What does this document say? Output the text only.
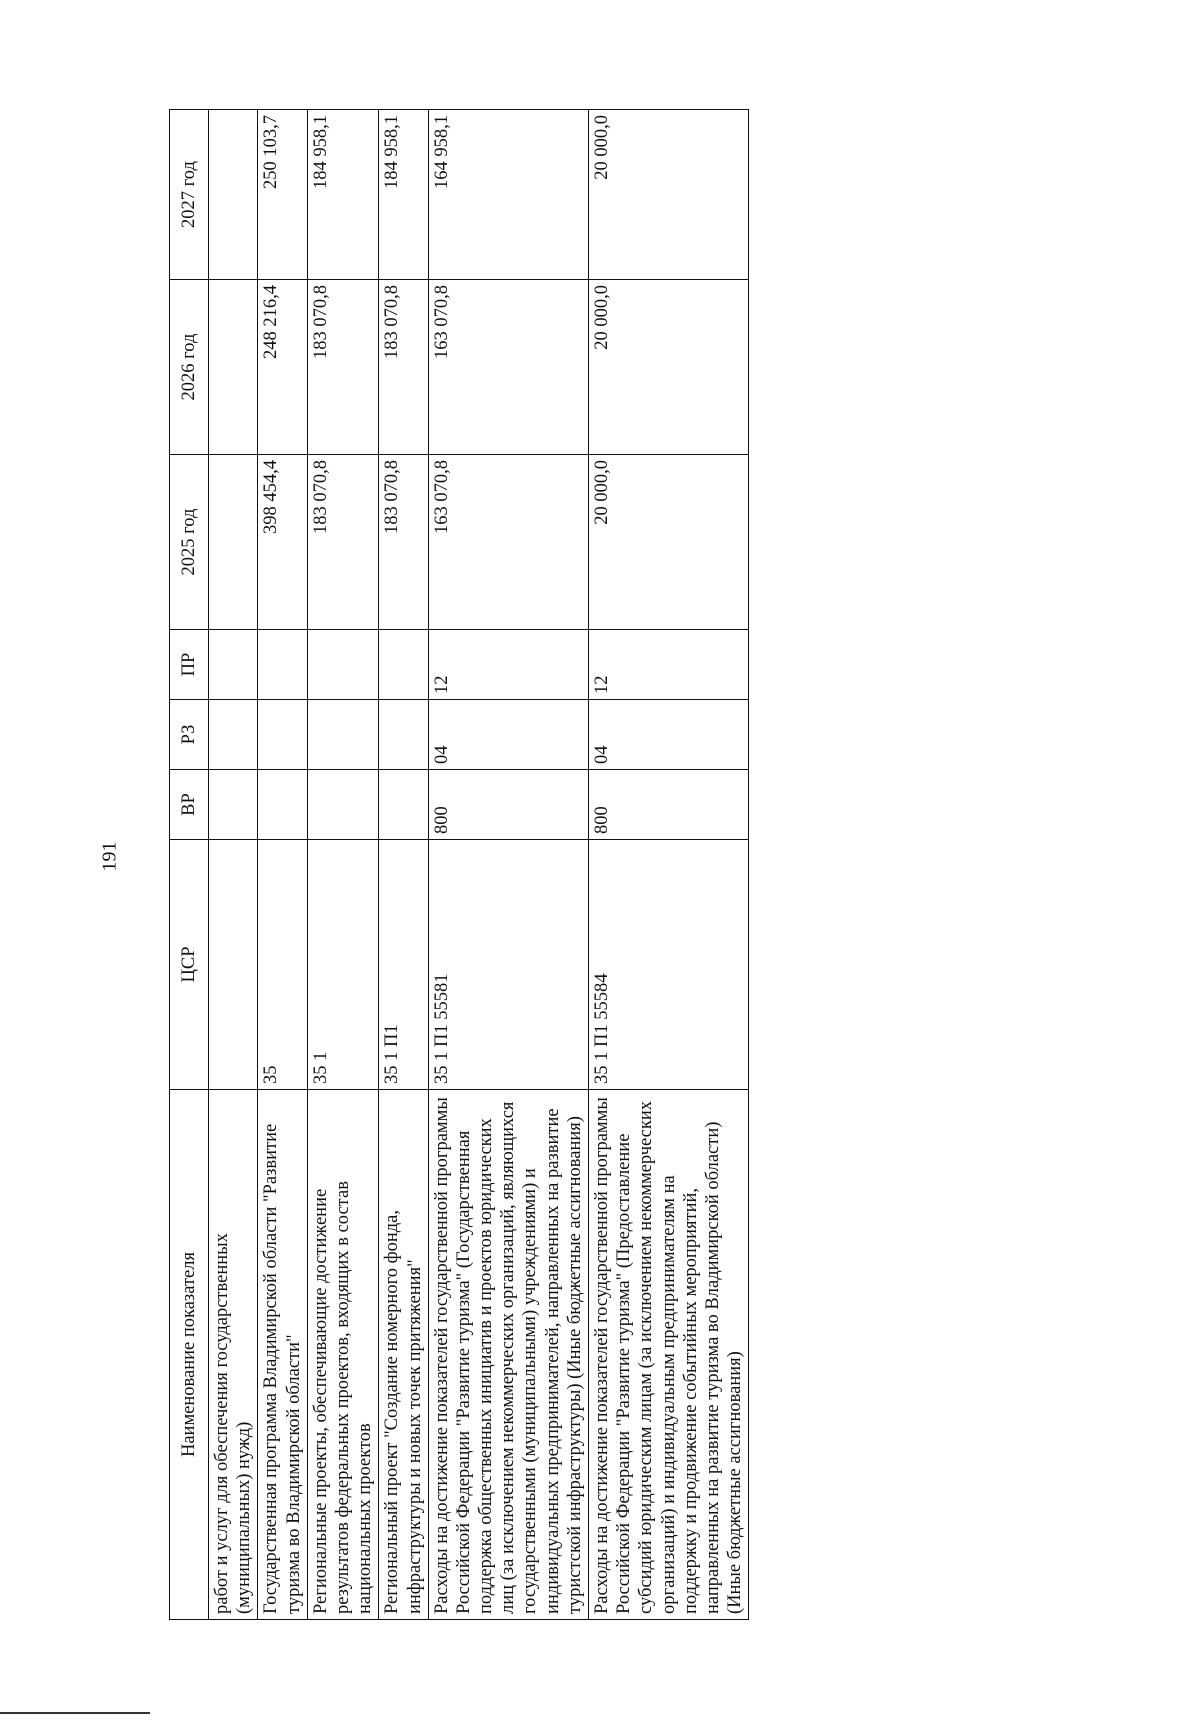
191
Наименование показателя	ЦСР	ВР	РЗ	ПР	2025 год	2026 год	2027 год
работ и услуг для обеспечения государственных (муниципальных) нужд)							
Государственная программа Владимирской области "Развитие туризма во Владимирской области"	35				398 454,4	248 216,4	250 103,7
Региональные проекты, обеспечивающие достижение результатов федеральных проектов, входящих в состав национальных проектов	35 1				183 070,8	183 070,8	184 958,1
Региональный проект "Создание номерного фонда, инфраструктуры и новых точек притяжения"	35 1 П1				183 070,8	183 070,8	184 958,1
Расходы на достижение показателей государственной программы Российской Федерации "Развитие туризма" (Государственная поддержка общественных инициатив и проектов юридических лиц (за исключением некоммерческих организаций, являющихся государственными (муниципальными) учреждениями) и индивидуальных предпринимателей, направленных на развитие туристской инфраструктуры) (Иные бюджетные ассигнования)	35 1 П1 55581	800	04	12	163 070,8	163 070,8	164 958,1
Расходы на достижение показателей государственной программы Российской Федерации "Развитие туризма" (Предоставление субсидий юридическим лицам (за исключением некоммерческих организаций) и индивидуальным предпринимателям на поддержку и продвижение событийных мероприятий, направленных на развитие туризма во Владимирской области) (Иные бюджетные ассигнования)	35 1 П1 55584	800	04	12	20 000,0	20 000,0	20 000,0
